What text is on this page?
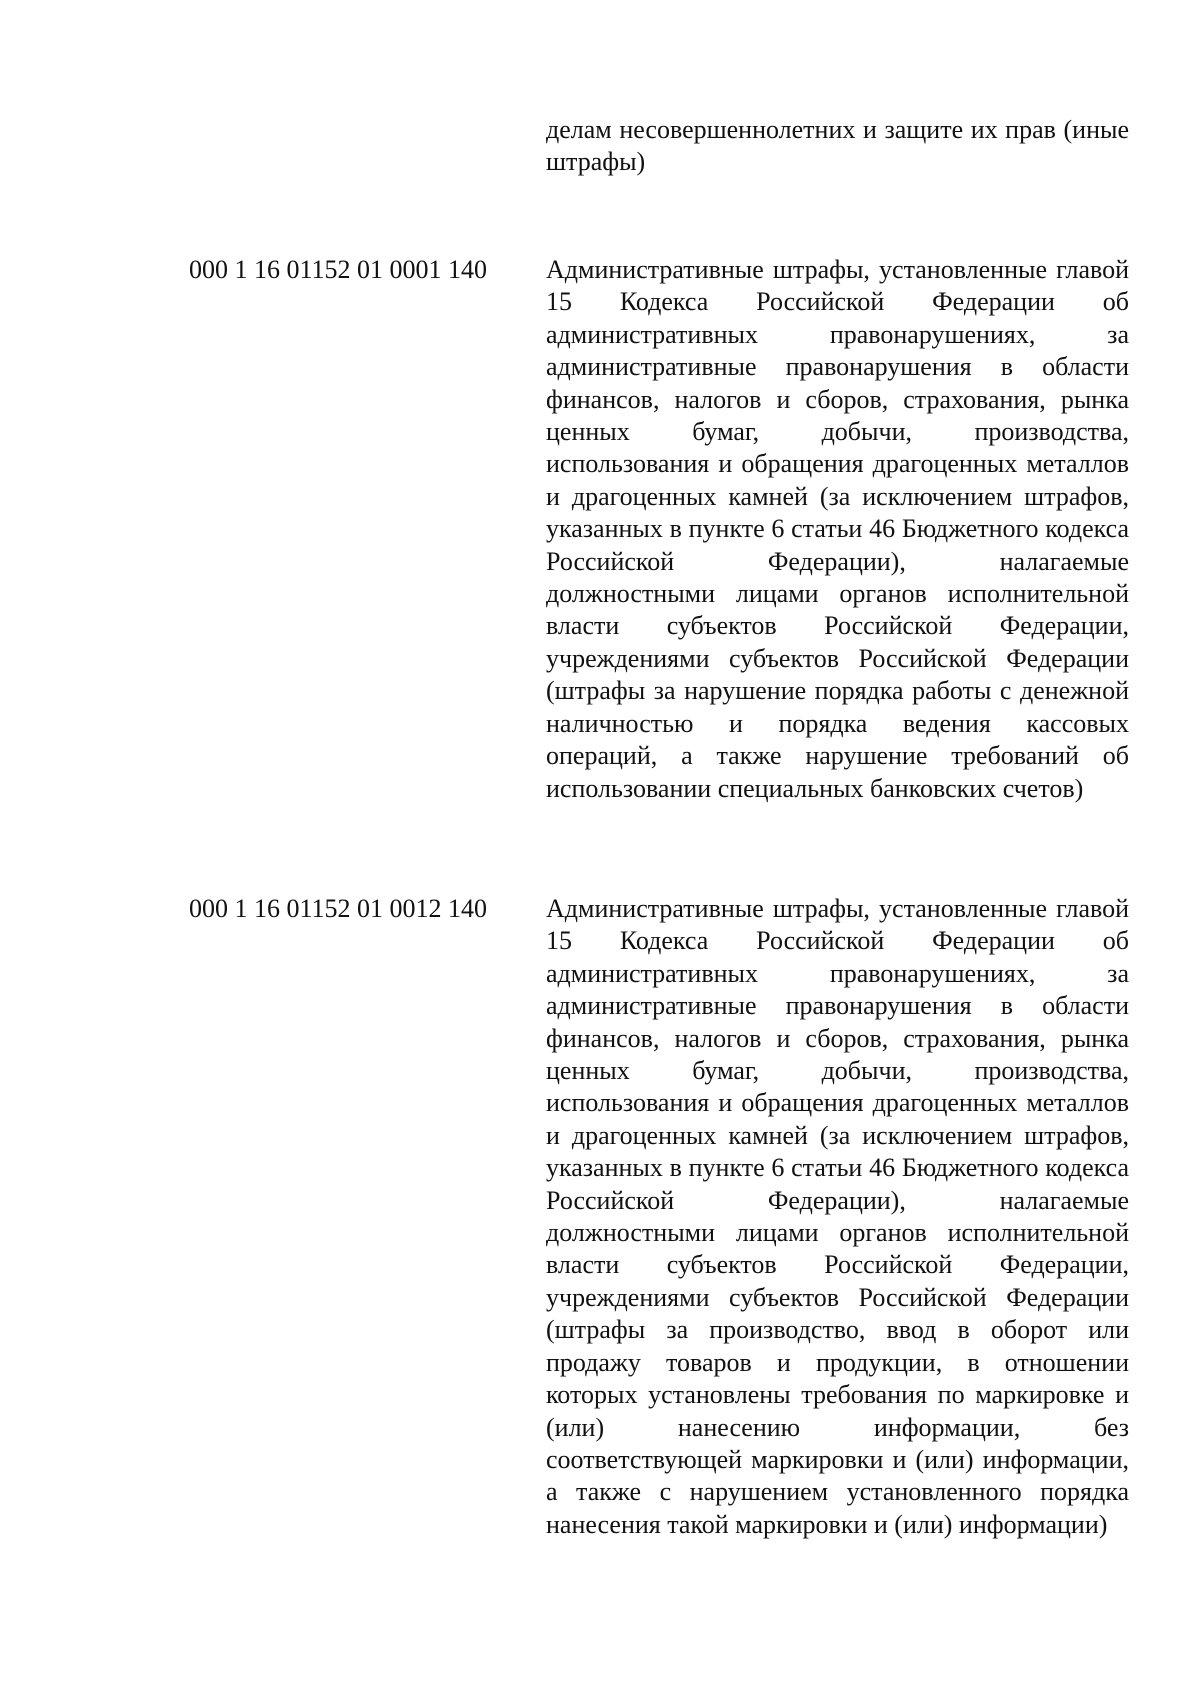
делам несовершеннолетних и защите их прав (иные штрафы)

000 1 16 01152 01 0001 140 Административные штрафы, установленные главой 15 Кодекса Российской Федерации об административных правонарушениях, за административные правонарушения в области финансов, налогов и сборов, страхования, рынка ценных бумаг, добычи, производства, использования и обращения драгоценных металлов и драгоценных камней (за исключением штрафов, указанных в пункте 6 статьи 46 Бюджетного кодекса Российской Федерации), налагаемые должностными лицами органов исполнительной власти субъектов Российской Федерации, учреждениями субъектов Российской Федерации (штрафы за нарушение порядка работы с денежной наличностью и порядка ведения кассовых операций, а также нарушение требований об использовании специальных банковских счетов)

000 1 16 01152 01 0012 140 Административные штрафы, установленные главой 15 Кодекса Российской Федерации об административных правонарушениях, за административные правонарушения в области финансов, налогов и сборов, страхования, рынка ценных бумаг, добычи, производства, использования и обращения драгоценных металлов и драгоценных камней (за исключением штрафов, указанных в пункте 6 статьи 46 Бюджетного кодекса Российской Федерации), налагаемые должностными лицами органов исполнительной власти субъектов Российской Федерации, учреждениями субъектов Российской Федерации (штрафы за производство, ввод в оборот или продажу товаров и продукции, в отношении которых установлены требования по маркировке и (или) нанесению информации, без соответствующей маркировки и (или) информации, а также с нарушением установленного порядка нанесения такой маркировки и (или) информации)
